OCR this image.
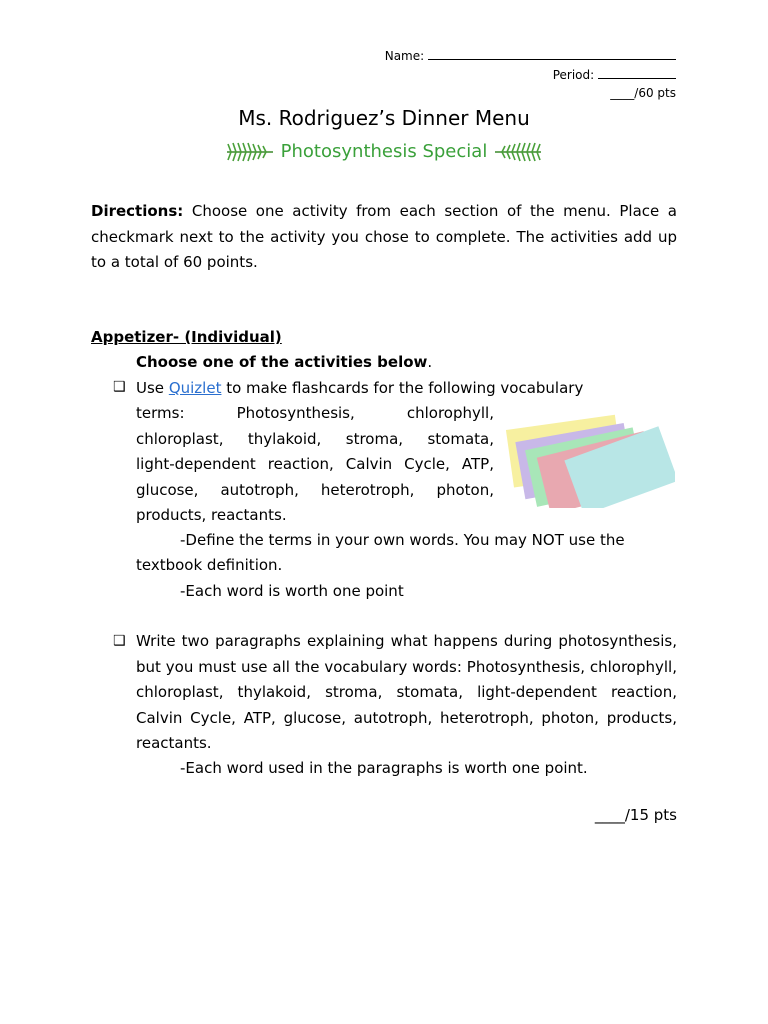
Name:
Period:
____/60 pts
Ms. Rodriguez’s Dinner Menu
Photosynthesis Special
Directions: Choose one activity from each section of the menu. Place a checkmark next to the activity you chose to complete. The activities add up to a total of 60 points.
Appetizer- (Individual)
Choose one of the activities below.
❑ Use Quizlet to make flashcards for the following vocabulary
terms: Photosynthesis, chlorophyll,
chloroplast, thylakoid, stroma, stomata,
light-dependent reaction, Calvin Cycle, ATP,
glucose, autotroph, heterotroph, photon,
products, reactants.
-Define the terms in your own words. You may NOT use the
textbook definition.
-Each word is worth one point
❑ Write two paragraphs explaining what happens during photosynthesis, but you must use all the vocabulary words: Photosynthesis, chlorophyll, chloroplast, thylakoid, stroma, stomata, light-dependent reaction, Calvin Cycle, ATP, glucose, autotroph, heterotroph, photon, products, reactants.
-Each word used in the paragraphs is worth one point.
____/15 pts
